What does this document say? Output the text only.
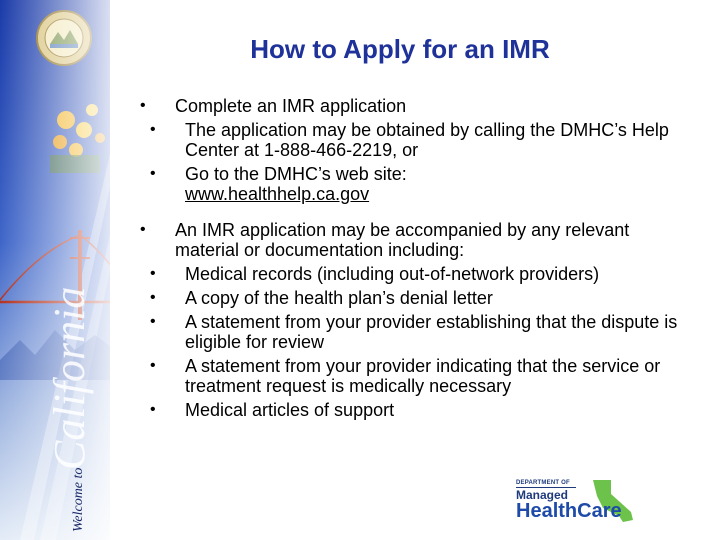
California
Welcome to
How to Apply for an IMR
• Complete an IMR application
• The application may be obtained by calling the DMHC’s Help Center at 1-888-466-2219, or
• Go to the DMHC’s web site:
www.healthhelp.ca.gov
• An IMR application may be accompanied by any relevant material or documentation including:
• Medical records (including out-of-network providers)
• A copy of the health plan’s denial letter
• A statement from your provider establishing that the dispute is eligible for review
• A statement from your provider indicating that the service or treatment request is medically necessary
• Medical articles of support
DEPARTMENT OF
Managed
HealthCare
